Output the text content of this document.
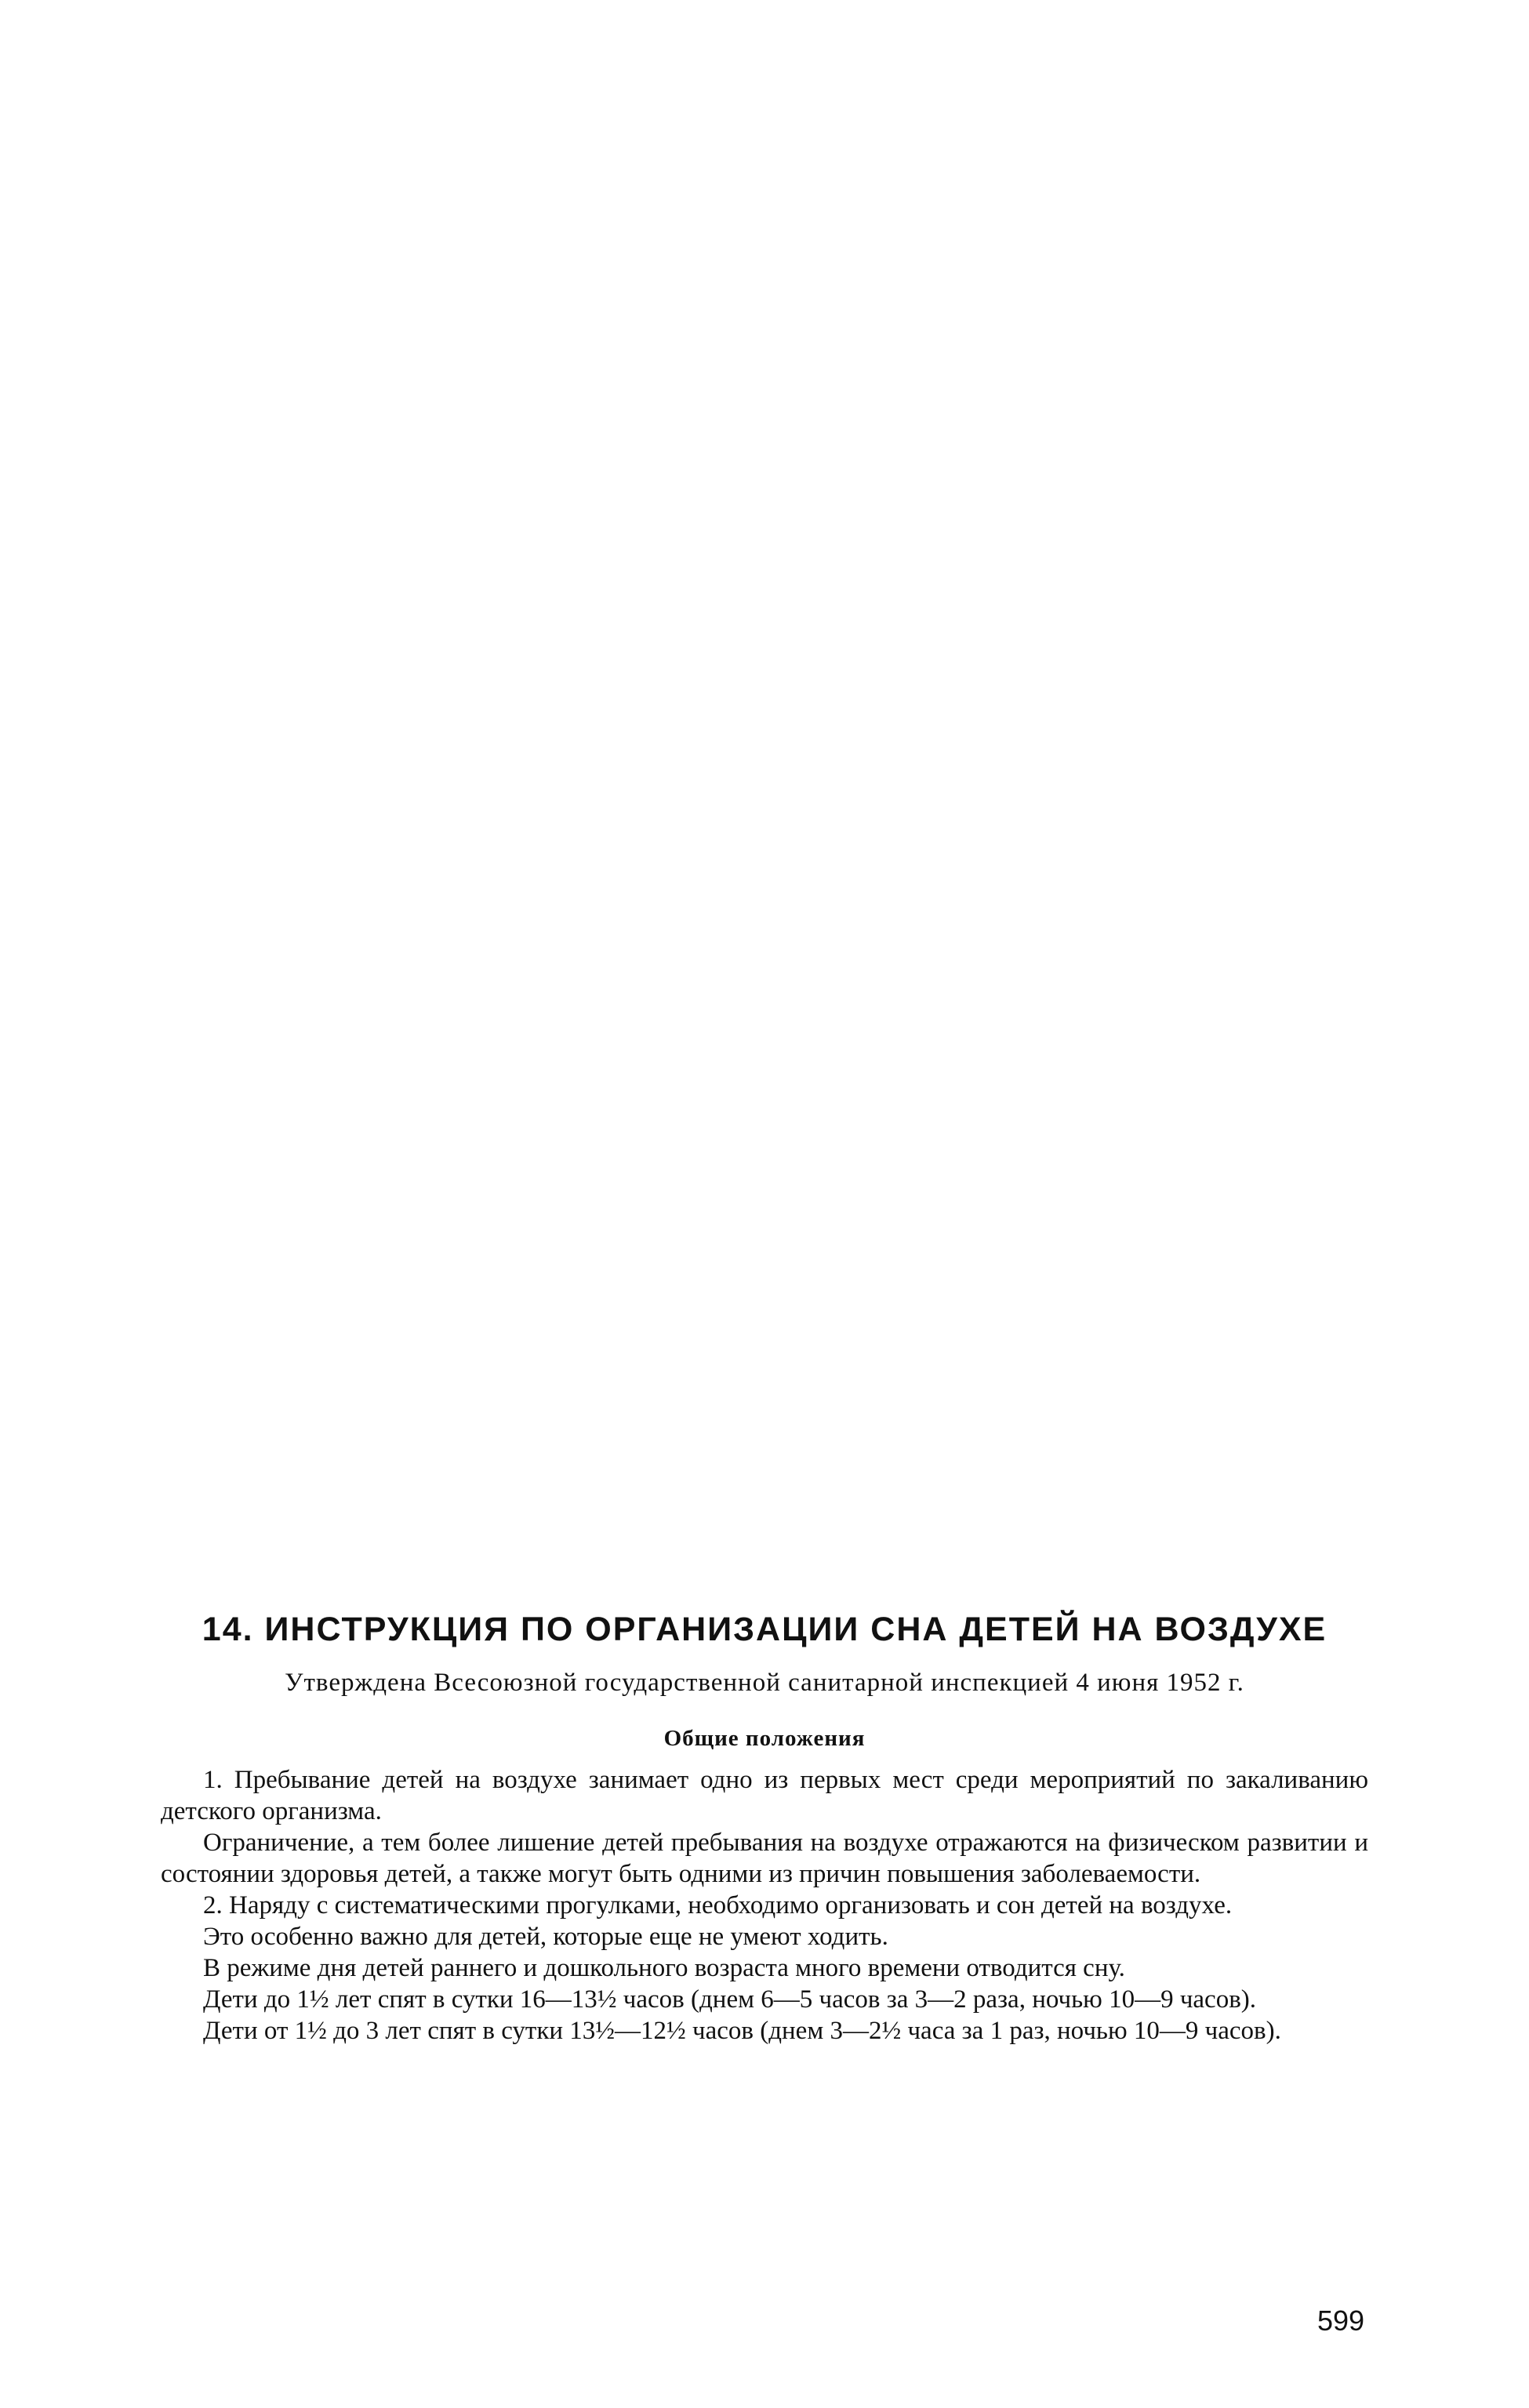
14. ИНСТРУКЦИЯ ПО ОРГАНИЗАЦИИ СНА ДЕТЕЙ НА ВОЗДУХЕ

Утверждена Всесоюзной государственной санитарной инспекцией 4 июня 1952 г.

Общие положения

1. Пребывание детей на воздухе занимает одно из первых мест среди мероприятий по закаливанию детского организма.

Ограничение, а тем более лишение детей пребывания на воздухе отражаются на физическом развитии и состоянии здоровья детей, а также могут быть одними из причин повышения заболеваемости.

2. Наряду с систематическими прогулками, необходимо организовать и сон детей на воздухе.

Это особенно важно для детей, которые еще не умеют ходить.

В режиме дня детей раннего и дошкольного возраста много времени отводится сну.

Дети до 1½ лет спят в сутки 16—13½ часов (днем 6—5 часов за 3—2 раза, ночью 10—9 часов).

Дети от 1½ до 3 лет спят в сутки 13½—12½ часов (днем 3—2½ часа за 1 раз, ночью 10—9 часов).

599
